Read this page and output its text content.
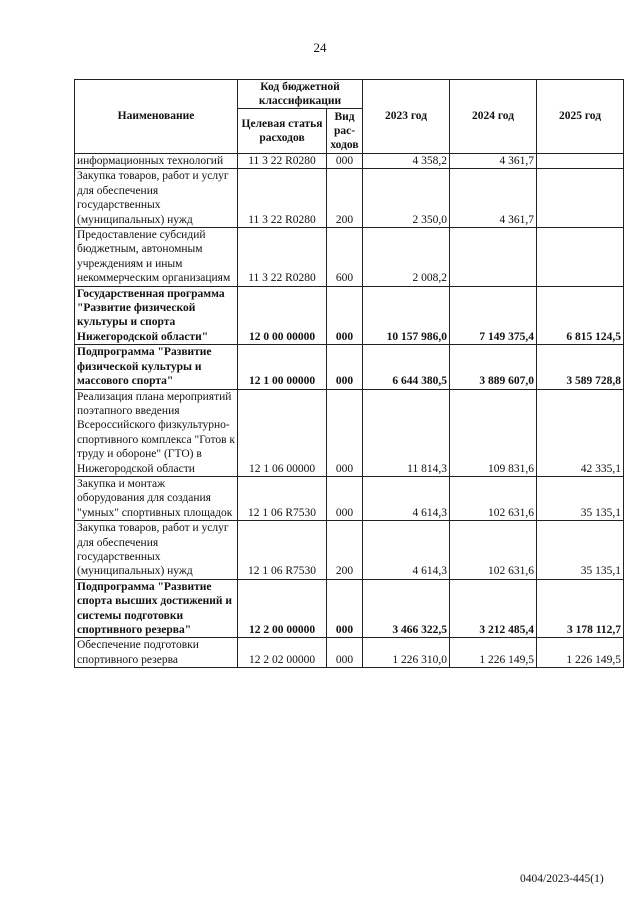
24
Наименование	Код бюджетной классификации		2023 год	2024 год	2025 год
	Целевая статья расходов	Вид рас-ходов			
информационных технологий	11 3 22 R0280	000	4 358,2	4 361,7	
Закупка товаров, работ и услуг для обеспечения государственных (муниципальных) нужд	11 3 22 R0280	200	2 350,0	4 361,7	
Предоставление субсидий бюджетным, автономным учреждениям и иным некоммерческим организациям	11 3 22 R0280	600	2 008,2		
Государственная программа "Развитие физической культуры и спорта Нижегородской области"	12 0 00 00000	000	10 157 986,0	7 149 375,4	6 815 124,5
Подпрограмма "Развитие физической культуры и массового спорта"	12 1 00 00000	000	6 644 380,5	3 889 607,0	3 589 728,8
Реализация плана мероприятий поэтапного введения Всероссийского физкультурно-спортивного комплекса "Готов к труду и обороне" (ГТО) в Нижегородской области	12 1 06 00000	000	11 814,3	109 831,6	42 335,1
Закупка и монтаж оборудования для создания "умных" спортивных площадок	12 1 06 R7530	000	4 614,3	102 631,6	35 135,1
Закупка товаров, работ и услуг для обеспечения государственных (муниципальных) нужд	12 1 06 R7530	200	4 614,3	102 631,6	35 135,1
Подпрограмма "Развитие спорта высших достижений и системы подготовки спортивного резерва"	12 2 00 00000	000	3 466 322,5	3 212 485,4	3 178 112,7
Обеспечение подготовки спортивного резерва	12 2 02 00000	000	1 226 310,0	1 226 149,5	1 226 149,5
0404/2023-445(1)
